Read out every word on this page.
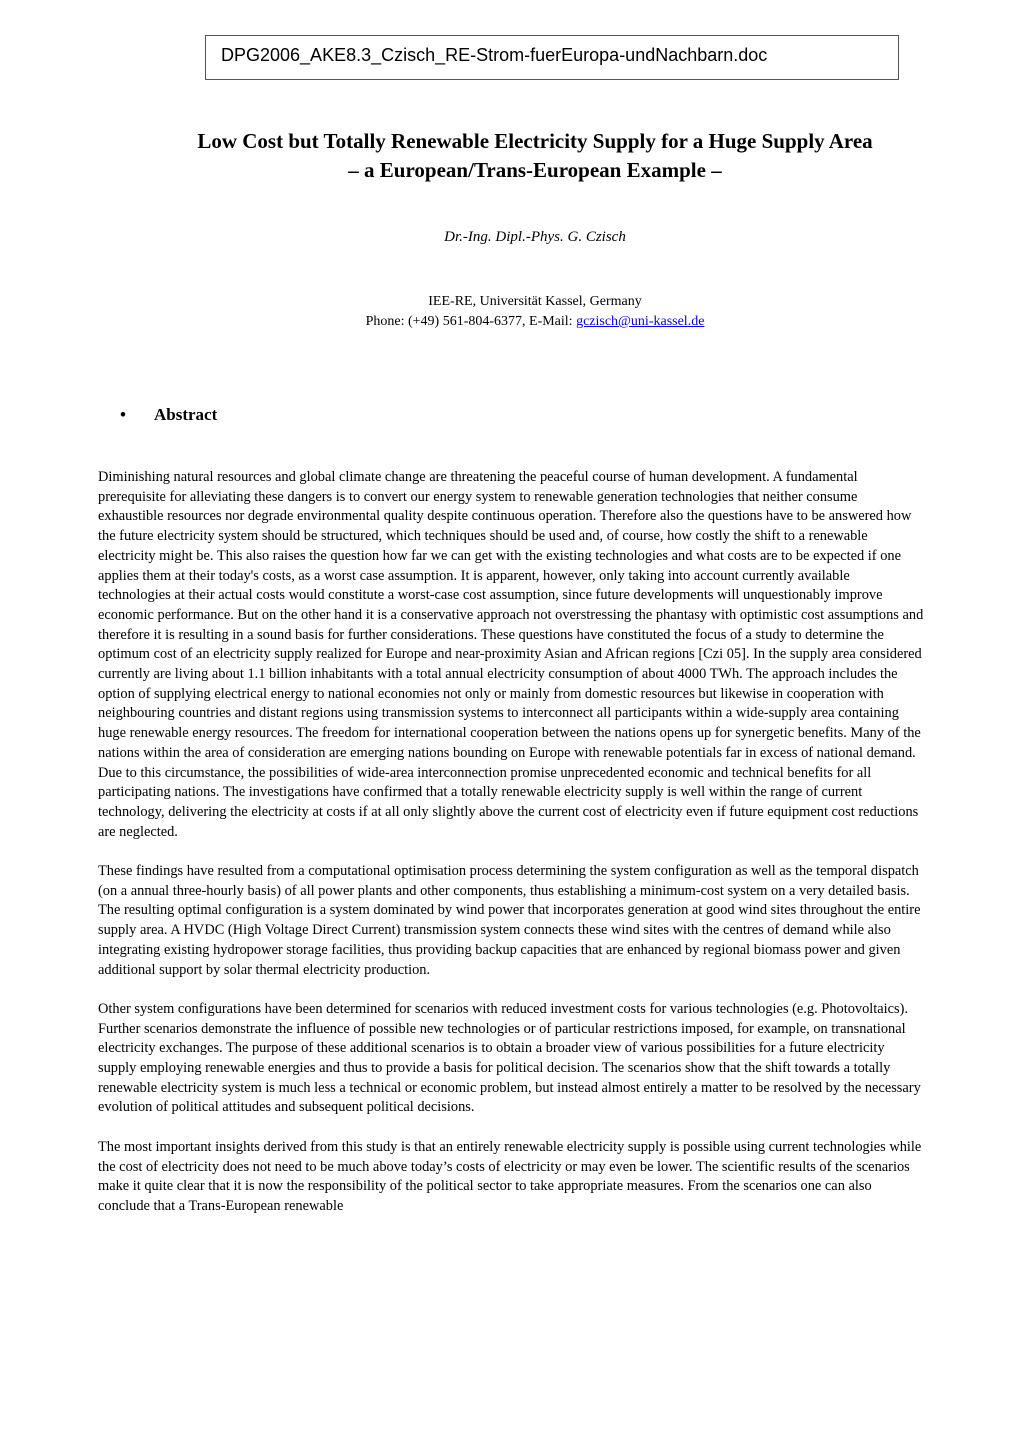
DPG2006_AKE8.3_Czisch_RE-Strom-fuerEuropa-undNachbarn.doc
Low Cost but Totally Renewable Electricity Supply for a Huge Supply Area
– a European/Trans-European Example –
Dr.-Ing. Dipl.-Phys. G. Czisch
IEE-RE, Universität Kassel, Germany
Phone: (+49) 561-804-6377, E-Mail: gczisch@uni-kassel.de
• Abstract

Diminishing natural resources and global climate change are threatening the peaceful course of human development. A fundamental prerequisite for alleviating these dangers is to convert our energy system to renewable generation technologies that neither consume exhaustible resources nor degrade environmental quality despite continuous operation. Therefore also the questions have to be answered how the future electricity system should be structured, which techniques should be used and, of course, how costly the shift to a renewable electricity might be. This also raises the question how far we can get with the existing technologies and what costs are to be expected if one applies them at their today's costs, as a worst case assumption. It is apparent, however, only taking into account currently available technologies at their actual costs would constitute a worst-case cost assumption, since future developments will unquestionably improve economic performance. But on the other hand it is a conservative approach not overstressing the phantasy with optimistic cost assumptions and therefore it is resulting in a sound basis for further considerations. These questions have constituted the focus of a study to determine the optimum cost of an electricity supply realized for Europe and near-proximity Asian and African regions [Czi 05]. In the supply area considered currently are living about 1.1 billion inhabitants with a total annual electricity consumption of about 4000 TWh. The approach includes the option of supplying electrical energy to national economies not only or mainly from domestic resources but likewise in cooperation with neighbouring countries and distant regions using transmission systems to interconnect all participants within a wide-supply area containing huge renewable energy resources. The freedom for international cooperation between the nations opens up for synergetic benefits. Many of the nations within the area of consideration are emerging nations bounding on Europe with renewable potentials far in excess of national demand. Due to this circumstance, the possibilities of wide-area interconnection promise unprecedented economic and technical benefits for all participating nations. The investigations have confirmed that a totally renewable electricity supply is well within the range of current technology, delivering the electricity at costs if at all only slightly above the current cost of electricity even if future equipment cost reductions are neglected.

These findings have resulted from a computational optimisation process determining the system configuration as well as the temporal dispatch (on a annual three-hourly basis) of all power plants and other components, thus establishing a minimum-cost system on a very detailed basis. The resulting optimal configuration is a system dominated by wind power that incorporates generation at good wind sites throughout the entire supply area. A HVDC (High Voltage Direct Current) transmission system connects these wind sites with the centres of demand while also integrating existing hydropower storage facilities, thus providing backup capacities that are enhanced by regional biomass power and given additional support by solar thermal electricity production.

Other system configurations have been determined for scenarios with reduced investment costs for various technologies (e.g. Photovoltaics). Further scenarios demonstrate the influence of possible new technologies or of particular restrictions imposed, for example, on transnational electricity exchanges. The purpose of these additional scenarios is to obtain a broader view of various possibilities for a future electricity supply employing renewable energies and thus to provide a basis for political decision. The scenarios show that the shift towards a totally renewable electricity system is much less a technical or economic problem, but instead almost entirely a matter to be resolved by the necessary evolution of political attitudes and subsequent political decisions.

The most important insights derived from this study is that an entirely renewable electricity supply is possible using current technologies while the cost of electricity does not need to be much above today’s costs of electricity or may even be lower. The scientific results of the scenarios make it quite clear that it is now the responsibility of the political sector to take appropriate measures. From the scenarios one can also conclude that a Trans-European renewable
